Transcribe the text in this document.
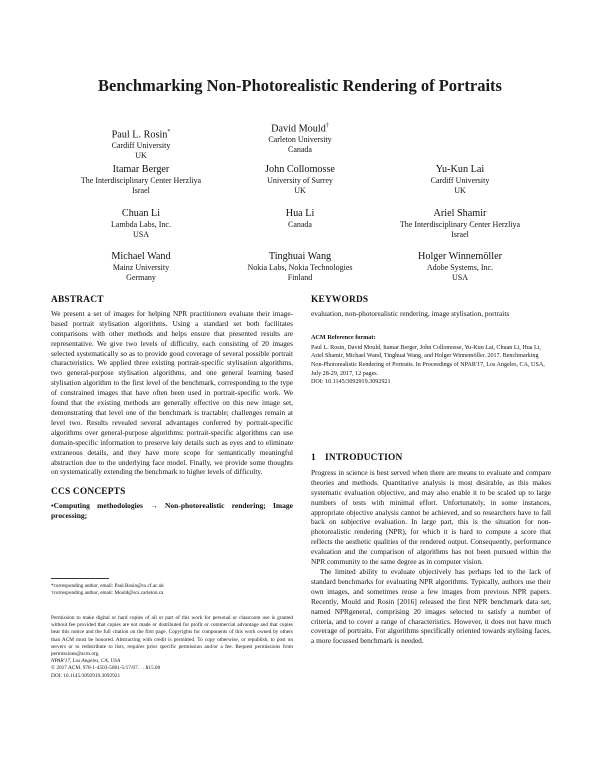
Benchmarking Non-Photorealistic Rendering of Portraits
Paul L. Rosin*
Cardiff University
UK
David Mould†
Carleton University
Canada
Itamar Berger
The Interdisciplinary Center Herzliya
Israel
John Collomosse
University of Surrey
UK
Yu-Kun Lai
Cardiff University
UK
Chuan Li
Lambda Labs, Inc.
USA
Hua Li
Canada
Ariel Shamir
The Interdisciplinary Center Herzliya
Israel
Michael Wand
Mainz University
Germany
Tinghuai Wang
Nokia Labs, Nokia Technologies
Finland
Holger Winnemöller
Adobe Systems, Inc.
USA
ABSTRACT

We present a set of images for helping NPR practitioners evaluate their image-based portrait stylisation algorithms. Using a standard set both facilitates comparisons with other methods and helps ensure that presented results are representative. We give two levels of difficulty, each consisting of 20 images selected systematically so as to provide good coverage of several possible portrait characteristics. We applied three existing portrait-specific stylisation algorithms, two general-purpose stylisation algorithms, and one general learning based stylisation algorithm to the first level of the benchmark, corresponding to the type of constrained images that have often been used in portrait-specific work. We found that the existing methods are generally effective on this new image set, demonstrating that level one of the benchmark is tractable; challenges remain at level two. Results revealed several advantages conferred by portrait-specific algorithms over general-purpose algorithms: portrait-specific algorithms can use domain-specific information to preserve key details such as eyes and to eliminate extraneous details, and they have more scope for semantically meaningful abstraction due to the underlying face model. Finally, we provide some thoughts on systematically extending the benchmark to higher levels of difficulty.

CCS CONCEPTS
•Computing methodologies → Non-photorealistic rendering; Image processing;
*corresponding author, email: Paul.Rosin@cs.cf.ac.uk
†corresponding author, email: Mould@scs.carleton.ca
Permission to make digital or hard copies of all or part of this work for personal or classroom use is granted without fee provided that copies are not made or distributed for profit or commercial advantage and that copies bear this notice and the full citation on the first page. Copyrights for components of this work owned by others than ACM must be honored. Abstracting with credit is permitted. To copy otherwise, or republish, to post on servers or to redistribute to lists, requires prior specific permission and/or a fee. Request permissions from permissions@acm.org.
NPAR'17, Los Angeles, CA, USA
© 2017 ACM. 978-1-4503-5081-5/17/07. . . $15.00
DOI: 10.1145/3092919.3092921
KEYWORDS

evaluation, non-photorealistic rendering, image stylisation, portraits

ACM Reference format:
Paul L. Rosin, David Mould, Itamar Berger, John Collomosse, Yu-Kun Lai, Chuan Li, Hua Li, Ariel Shamir, Michael Wand, Tinghuai Wang, and Holger Winnemöller. 2017. Benchmarking Non-Photorealistic Rendering of Portraits. In Proceedings of NPAR'17, Los Angeles, CA, USA, July 28-29, 2017, 12 pages.
DOI: 10.1145/3092919.3092921
1 INTRODUCTION

Progress in science is best served when there are means to evaluate and compare theories and methods. Quantitative analysis is most desirable, as this makes systematic evaluation objective, and may also enable it to be scaled up to large numbers of tests with minimal effort. Unfortunately, in some instances, appropriate objective analysis cannot be achieved, and so researchers have to fall back on subjective evaluation. In large part, this is the situation for non-photorealistic rendering (NPR), for which it is hard to compute a score that reflects the aesthetic qualities of the rendered output. Consequently, performance evaluation and the comparison of algorithms has not been pursued within the NPR community to the same degree as in computer vision.

The limited ability to evaluate objectively has perhaps led to the lack of standard benchmarks for evaluating NPR algorithms. Typically, authors use their own images, and sometimes reuse a few images from previous NPR papers. Recently, Mould and Rosin [2016] released the first NPR benchmark data set, named NPRgeneral, comprising 20 images selected to satisfy a number of criteria, and to cover a range of characteristics. However, it does not have much coverage of portraits. For algorithms specifically oriented towards stylising faces, a more focussed benchmark is needed.
